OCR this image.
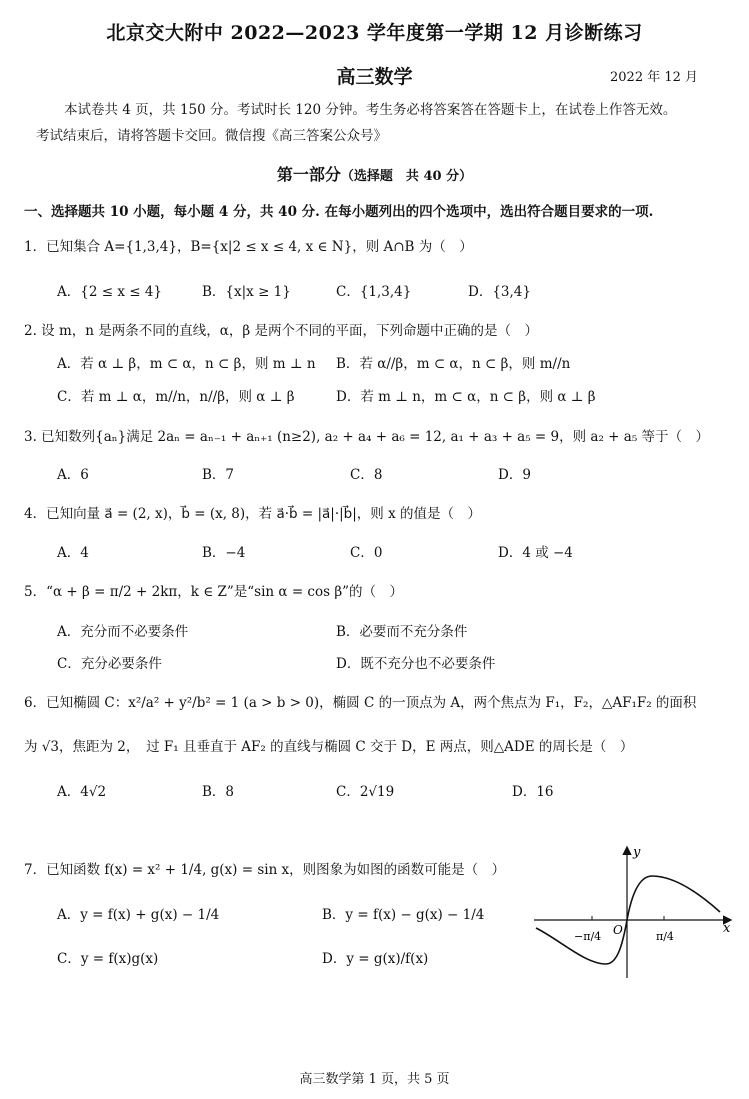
北京交大附中 2022—2023 学年度第一学期 12 月诊断练习
高三数学	2022 年 12 月
本试卷共 4 页，共 150 分。考试时长 120 分钟。考生务必将答案答在答题卡上，在试卷上作答无效。
考试结束后，请将答题卡交回。微信搜《高三答案公众号》
第一部分（选择题　共 40 分）
一、选择题共 10 小题，每小题 4 分，共 40 分. 在每小题列出的四个选项中，选出符合题目要求的一项.
1．已知集合 A={1,3,4}，B={x|2 ≤ x ≤ 4, x ∈ N}，则 A∩B 为（　）
A．{2 ≤ x ≤ 4}	B．{x|x ≥ 1}	C．{1,3,4}	D．{3,4}
2. 设 m，n 是两条不同的直线，α，β 是两个不同的平面，下列命题中正确的是（　）
A．若 α ⊥ β，m ⊂ α，n ⊂ β，则 m ⊥ n B．若 α//β，m ⊂ α，n ⊂ β，则 m//n
C．若 m ⊥ α，m//n，n//β，则 α ⊥ β	D．若 m ⊥ n，m ⊂ α，n ⊂ β，则 α ⊥ β
3. 已知数列{aₙ}满足 2aₙ = aₙ₋₁ + aₙ₊₁ (n≥2), a₂ + a₄ + a₆ = 12, a₁ + a₃ + a₅ = 9，则 a₂ + a₅ 等于（　）
A．6	B．7	C．8	D．9
4．已知向量 a⃗ = (2, x)，b⃗ = (x, 8)，若 a⃗·b⃗ = |a⃗|·|b⃗|，则 x 的值是（　）
A．4	B．−4	C．0	D．4 或 −4
5．“α + β = π/2 + 2kπ，k ∈ Z”是“sin α = cos β”的（　）
A．充分而不必要条件	B．必要而不充分条件
C．充分必要条件	D．既不充分也不必要条件
6．已知椭圆 C：x²/a² + y²/b² = 1 (a > b > 0)，椭圆 C 的一顶点为 A，两个焦点为 F₁，F₂，△AF₁F₂ 的面积
为 √3，焦距为 2，　过 F₁ 且垂直于 AF₂ 的直线与椭圆 C 交于 D，E 两点，则△ADE 的周长是（　）
A．4√2	B．8	C．2√19	D．16
7．已知函数 f(x) = x² + 1/4, g(x) = sin x，则图象为如图的函数可能是（　）
A．y = f(x) + g(x) − 1/4	B．y = f(x) − g(x) − 1/4
C．y = f(x)g(x)	D．y = g(x)/f(x)
y
x
O
−π/4	π/4
高三数学第 1 页，共 5 页
